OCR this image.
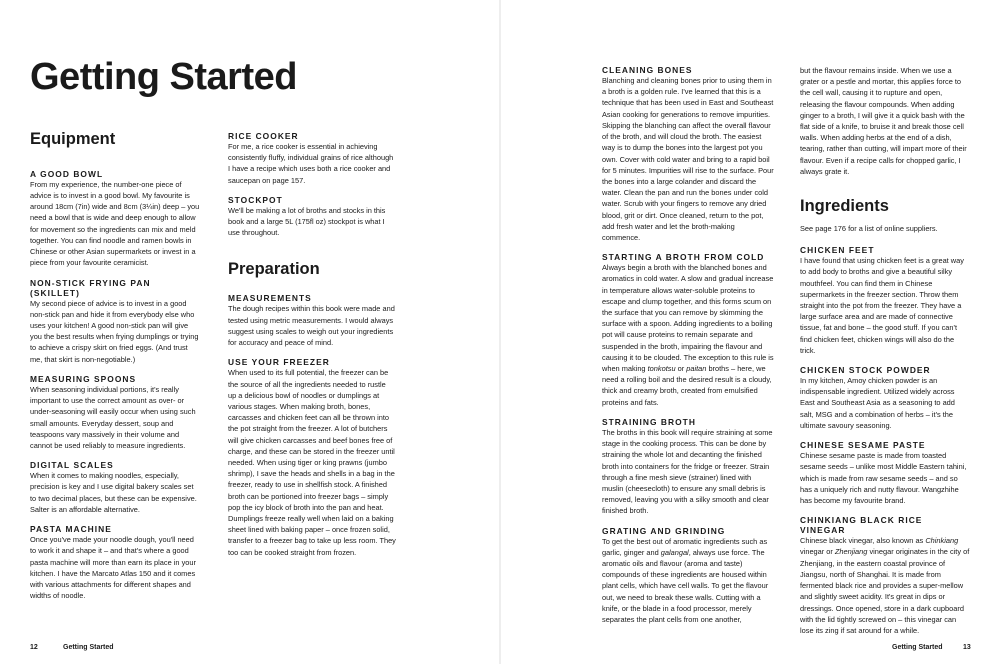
Getting Started
Equipment
A GOOD BOWL

From my experience, the number-one piece of advice is to invest in a good bowl. My favourite is around 18cm (7in) wide and 8cm (3¼in) deep – you need a bowl that is wide and deep enough to allow for movement so the ingredients can mix and meld together. You can find noodle and ramen bowls in Chinese or other Asian supermarkets or invest in a piece from your favourite ceramicist.

NON-STICK FRYING PAN (SKILLET)

My second piece of advice is to invest in a good non-stick pan and hide it from everybody else who uses your kitchen! A good non-stick pan will give you the best results when frying dumplings or trying to achieve a crispy skirt on fried eggs. (And trust me, that skirt is non-negotiable.)

MEASURING SPOONS

When seasoning individual portions, it's really important to use the correct amount as over- or under-seasoning will easily occur when using such small amounts. Everyday dessert, soup and teaspoons vary massively in their volume and cannot be used reliably to measure ingredients.

DIGITAL SCALES

When it comes to making noodles, especially, precision is key and I use digital bakery scales set to two decimal places, but these can be expensive. Salter is an affordable alternative.

PASTA MACHINE

Once you've made your noodle dough, you'll need to work it and shape it – and that's where a good pasta machine will more than earn its place in your kitchen. I have the Marcato Atlas 150 and it comes with various attachments for different shapes and widths of noodle.

RICE COOKER

For me, a rice cooker is essential in achieving consistently fluffy, individual grains of rice although I have a recipe which uses both a rice cooker and saucepan on page 157.

STOCKPOT

We'll be making a lot of broths and stocks in this book and a large 5L (175fl oz) stockpot is what I use throughout.

Preparation
MEASUREMENTS

The dough recipes within this book were made and tested using metric measurements. I would always suggest using scales to weigh out your ingredients for accuracy and peace of mind.

USE YOUR FREEZER

When used to its full potential, the freezer can be the source of all the ingredients needed to rustle up a delicious bowl of noodles or dumplings at various stages. When making broth, bones, carcasses and chicken feet can all be thrown into the pot straight from the freezer. A lot of butchers will give chicken carcasses and beef bones free of charge, and these can be stored in the freezer until needed. When using tiger or king prawns (jumbo shrimp), I save the heads and shells in a bag in the freezer, ready to use in shellfish stock. A finished broth can be portioned into freezer bags – simply pop the icy block of broth into the pan and heat. Dumplings freeze really well when laid on a baking sheet lined with baking paper – once frozen solid, transfer to a freezer bag to take up less room. They too can be cooked straight from frozen.

12	Getting Started
CLEANING BONES

Blanching and cleaning bones prior to using them in a broth is a golden rule. I've learned that this is a technique that has been used in East and Southeast Asian cooking for generations to remove impurities. Skipping the blanching can affect the overall flavour of the broth, and will cloud the broth. The easiest way is to dump the bones into the largest pot you own. Cover with cold water and bring to a rapid boil for 5 minutes. Impurities will rise to the surface. Pour the bones into a large colander and discard the water. Clean the pan and run the bones under cold water. Scrub with your fingers to remove any dried blood, grit or dirt. Once cleaned, return to the pot, add fresh water and let the broth-making commence.

STARTING A BROTH FROM COLD

Always begin a broth with the blanched bones and aromatics in cold water. A slow and gradual increase in temperature allows water-soluble proteins to escape and clump together, and this forms scum on the surface that you can remove by skimming the surface with a spoon. Adding ingredients to a boiling pot will cause proteins to remain separate and suspended in the broth, impairing the flavour and causing it to be clouded. The exception to this rule is when making tonkotsu or paitan broths – here, we need a rolling boil and the desired result is a cloudy, thick and creamy broth, created from emulsified proteins and fats.

STRAINING BROTH

The broths in this book will require straining at some stage in the cooking process. This can be done by straining the whole lot and decanting the finished broth into containers for the fridge or freezer. Strain through a fine mesh sieve (strainer) lined with muslin (cheesecloth) to ensure any small debris is removed, leaving you with a silky smooth and clear finished broth.

GRATING AND GRINDING

To get the best out of aromatic ingredients such as garlic, ginger and galangal, always use force. The aromatic oils and flavour (aroma and taste) compounds of these ingredients are housed within plant cells, which have cell walls. To get the flavour out, we need to break these walls. Cutting with a knife, or the blade in a food processor, merely separates the plant cells from one another,

but the flavour remains inside. When we use a grater or a pestle and mortar, this applies force to the cell wall, causing it to rupture and open, releasing the flavour compounds. When adding ginger to a broth, I will give it a quick bash with the flat side of a knife, to bruise it and break those cell walls. When adding herbs at the end of a dish, tearing, rather than cutting, will impart more of their flavour. Even if a recipe calls for chopped garlic, I always grate it.

Ingredients

See page 176 for a list of online suppliers.

CHICKEN FEET

I have found that using chicken feet is a great way to add body to broths and give a beautiful silky mouthfeel. You can find them in Chinese supermarkets in the freezer section. Throw them straight into the pot from the freezer. They have a large surface area and are made of connective tissue, fat and bone – the good stuff. If you can't find chicken feet, chicken wings will also do the trick.

CHICKEN STOCK POWDER

In my kitchen, Amoy chicken powder is an indispensable ingredient. Utilized widely across East and Southeast Asia as a seasoning to add salt, MSG and a combination of herbs – it's the ultimate savoury seasoning.

CHINESE SESAME PASTE

Chinese sesame paste is made from toasted sesame seeds – unlike most Middle Eastern tahini, which is made from raw sesame seeds – and so has a uniquely rich and nutty flavour. Wangzhihe has become my favourite brand.

CHINKIANG BLACK RICE VINEGAR

Chinese black vinegar, also known as Chinkiang vinegar or Zhenjiang vinegar originates in the city of Zhenjiang, in the eastern coastal province of Jiangsu, north of Shanghai. It is made from fermented black rice and provides a super-mellow and slightly sweet acidity. It's great in dips or dressings. Once opened, store in a dark cupboard with the lid tightly screwed on – this vinegar can lose its zing if sat around for a while.

Getting Started	13
